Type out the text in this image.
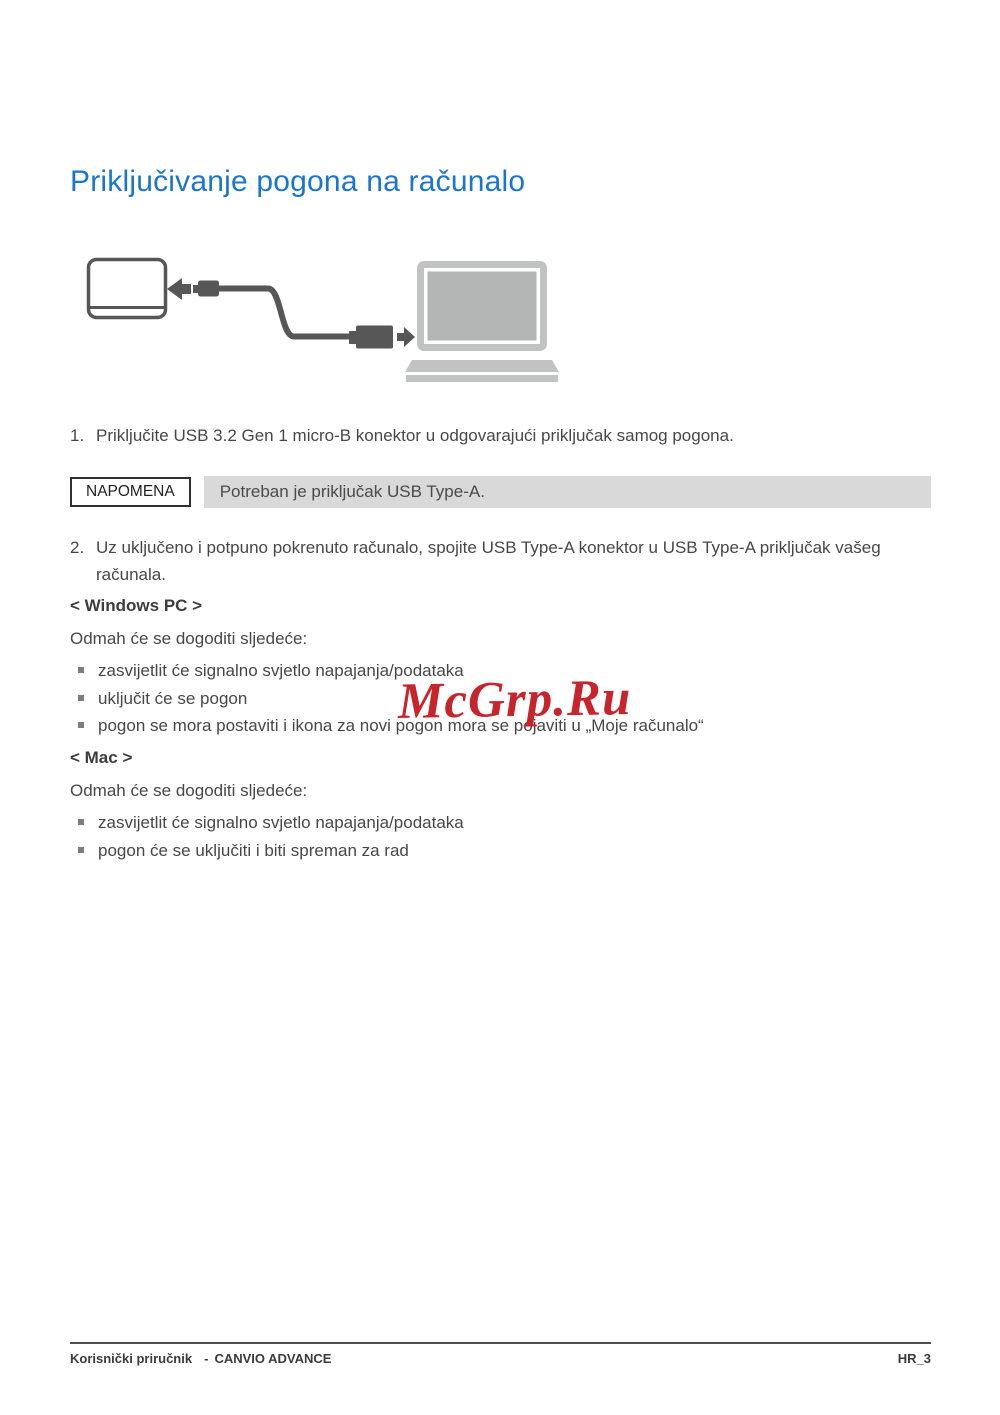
Priključivanje pogona na računalo
1. Priključite USB 3.2 Gen 1 micro-B konektor u odgovarajući priključak samog pogona.
NAPOMENA	Potreban je priključak USB Type-A.
2. Uz uključeno i potpuno pokrenuto računalo, spojite USB Type-A konektor u USB Type-A priključak vašeg računala.
< Windows PC >
Odmah će se dogoditi sljedeće:
zasvijetlit će signalno svjetlo napajanja/podataka
uključit će se pogon
pogon se mora postaviti i ikona za novi pogon mora se pojaviti u „Moje računalo“
< Mac >
Odmah će se dogoditi sljedeće:
zasvijetlit će signalno svjetlo napajanja/podataka
pogon će se uključiti i biti spreman za rad
McGrp.Ru
Korisnički priručnik - CANVIO ADVANCE	HR_3
